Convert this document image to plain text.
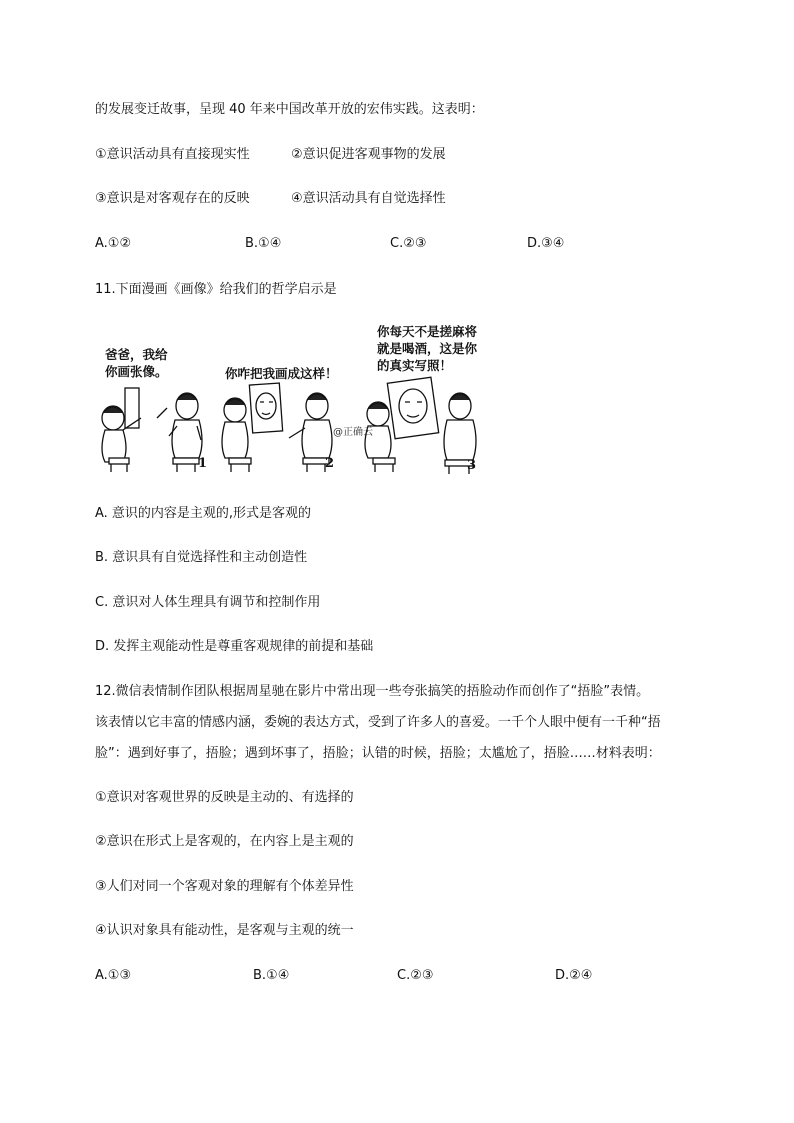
的发展变迁故事，呈现 40 年来中国改革开放的宏伟实践。这表明：
①意识活动具有直接现实性	②意识促进客观事物的发展
③意识是对客观存在的反映	④意识活动具有自觉选择性
A.①②	B.①④	C.②③	D.③④
11.下面漫画《画像》给我们的哲学启示是
爸爸，我给
你画张像。	你咋把我画成这样！
你每天不是搓麻将
就是喝酒，这是你
的真实写照！
@正确云
1	2	3
A. 意识的内容是主观的,形式是客观的
B. 意识具有自觉选择性和主动创造性
C. 意识对人体生理具有调节和控制作用
D. 发挥主观能动性是尊重客观规律的前提和基础
12.微信表情制作团队根据周星驰在影片中常出现一些夸张搞笑的捂脸动作而创作了“捂脸”表情。
该表情以它丰富的情感内涵，委婉的表达方式，受到了许多人的喜爱。一千个人眼中便有一千种“捂
脸”：遇到好事了，捂脸；遇到坏事了，捂脸；认错的时候，捂脸；太尴尬了，捂脸……材料表明：
①意识对客观世界的反映是主动的、有选择的
②意识在形式上是客观的，在内容上是主观的
③人们对同一个客观对象的理解有个体差异性
④认识对象具有能动性，是客观与主观的统一
A.①③	B.①④	C.②③	D.②④
